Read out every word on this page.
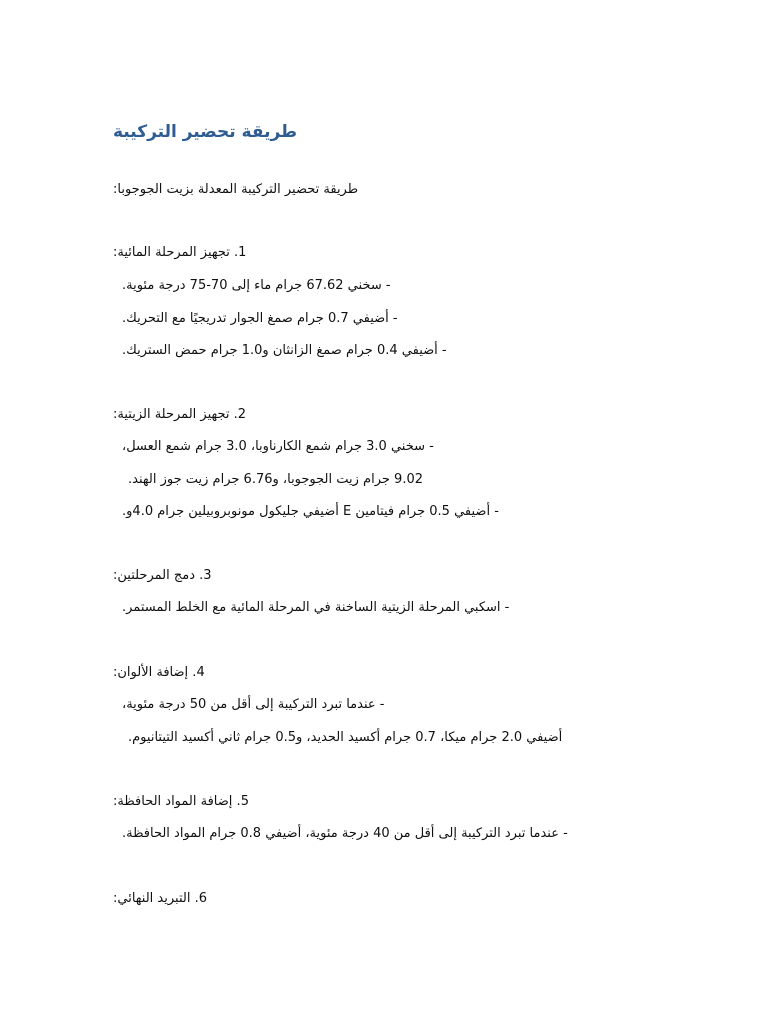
طريقة تحضير التركيبة
طريقة تحضير التركيبة المعدلة بزيت الجوجوبا:
1. تجهيز المرحلة المائية:
- سخني 67.62 جرام ماء إلى 70-75 درجة مئوية.
- أضيفي 0.7 جرام صمغ الجوار تدريجيًا مع التحريك.
- أضيفي 0.4 جرام صمغ الزانثان و1.0 جرام حمض الستريك.
2. تجهيز المرحلة الزيتية:
- سخني 3.0 جرام شمع الكارناوبا، 3.0 جرام شمع العسل،
9.02 جرام زيت الجوجوبا، و6.76 جرام زيت جوز الهند.
- أضيفي 0.5 جرام فيتامين E أضيفي جليكول مونوبروبيلين جرام 4.0و.
3. دمج المرحلتين:
- اسكبي المرحلة الزيتية الساخنة في المرحلة المائية مع الخلط المستمر.
4. إضافة الألوان:
- عندما تبرد التركيبة إلى أقل من 50 درجة مئوية،
أضيفي 2.0 جرام ميكا، 0.7 جرام أكسيد الحديد، و0.5 جرام ثاني أكسيد التيتانيوم.
5. إضافة المواد الحافظة:
- عندما تبرد التركيبة إلى أقل من 40 درجة مئوية، أضيفي 0.8 جرام المواد الحافظة.
6. التبريد النهائي:
